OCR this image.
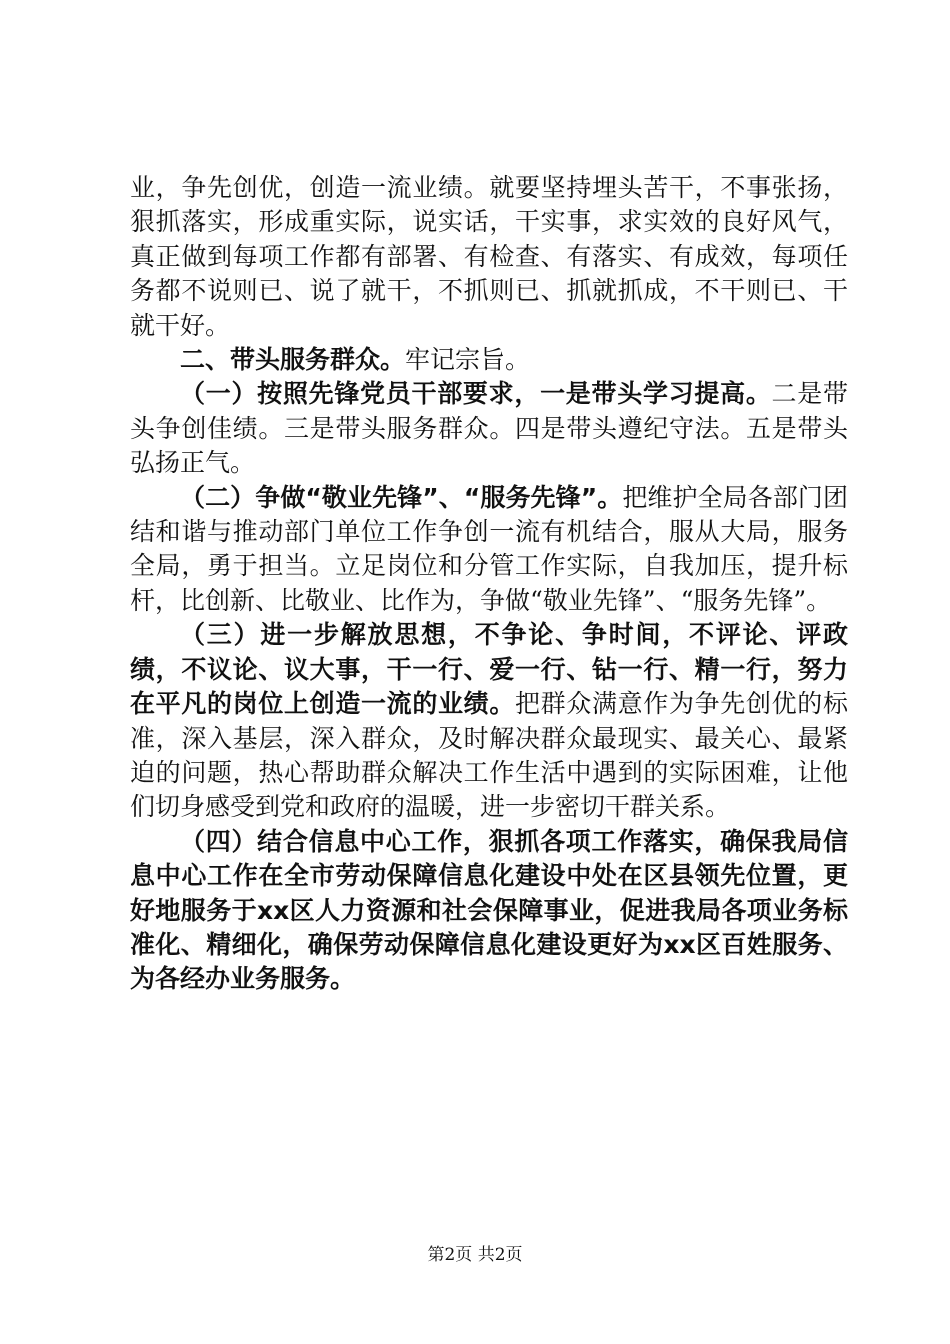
业，争先创优，创造一流业绩。就要坚持埋头苦干，不事张扬，狠抓落实，形成重实际，说实话，干实事，求实效的良好风气，真正做到每项工作都有部署、有检查、有落实、有成效，每项任务都不说则已、说了就干，不抓则已、抓就抓成，不干则已、干就干好。

二、带头服务群众。牢记宗旨。

（一）按照先锋党员干部要求，一是带头学习提高。二是带头争创佳绩。三是带头服务群众。四是带头遵纪守法。五是带头弘扬正气。

（二）争做“敬业先锋”、“服务先锋”。把维护全局各部门团结和谐与推动部门单位工作争创一流有机结合，服从大局，服务全局，勇于担当。立足岗位和分管工作实际，自我加压，提升标杆，比创新、比敬业、比作为，争做“敬业先锋”、“服务先锋”。

（三）进一步解放思想，不争论、争时间，不评论、评政绩，不议论、议大事，干一行、爱一行、钻一行、精一行，努力在平凡的岗位上创造一流的业绩。把群众满意作为争先创优的标准，深入基层，深入群众，及时解决群众最现实、最关心、最紧迫的问题，热心帮助群众解决工作生活中遇到的实际困难，让他们切身感受到党和政府的温暖，进一步密切干群关系。

（四）结合信息中心工作，狠抓各项工作落实，确保我局信息中心工作在全市劳动保障信息化建设中处在区县领先位置，更好地服务于xx区人力资源和社会保障事业，促进我局各项业务标准化、精细化，确保劳动保障信息化建设更好为xx区百姓服务、为各经办业务服务。

第2页 共2页
